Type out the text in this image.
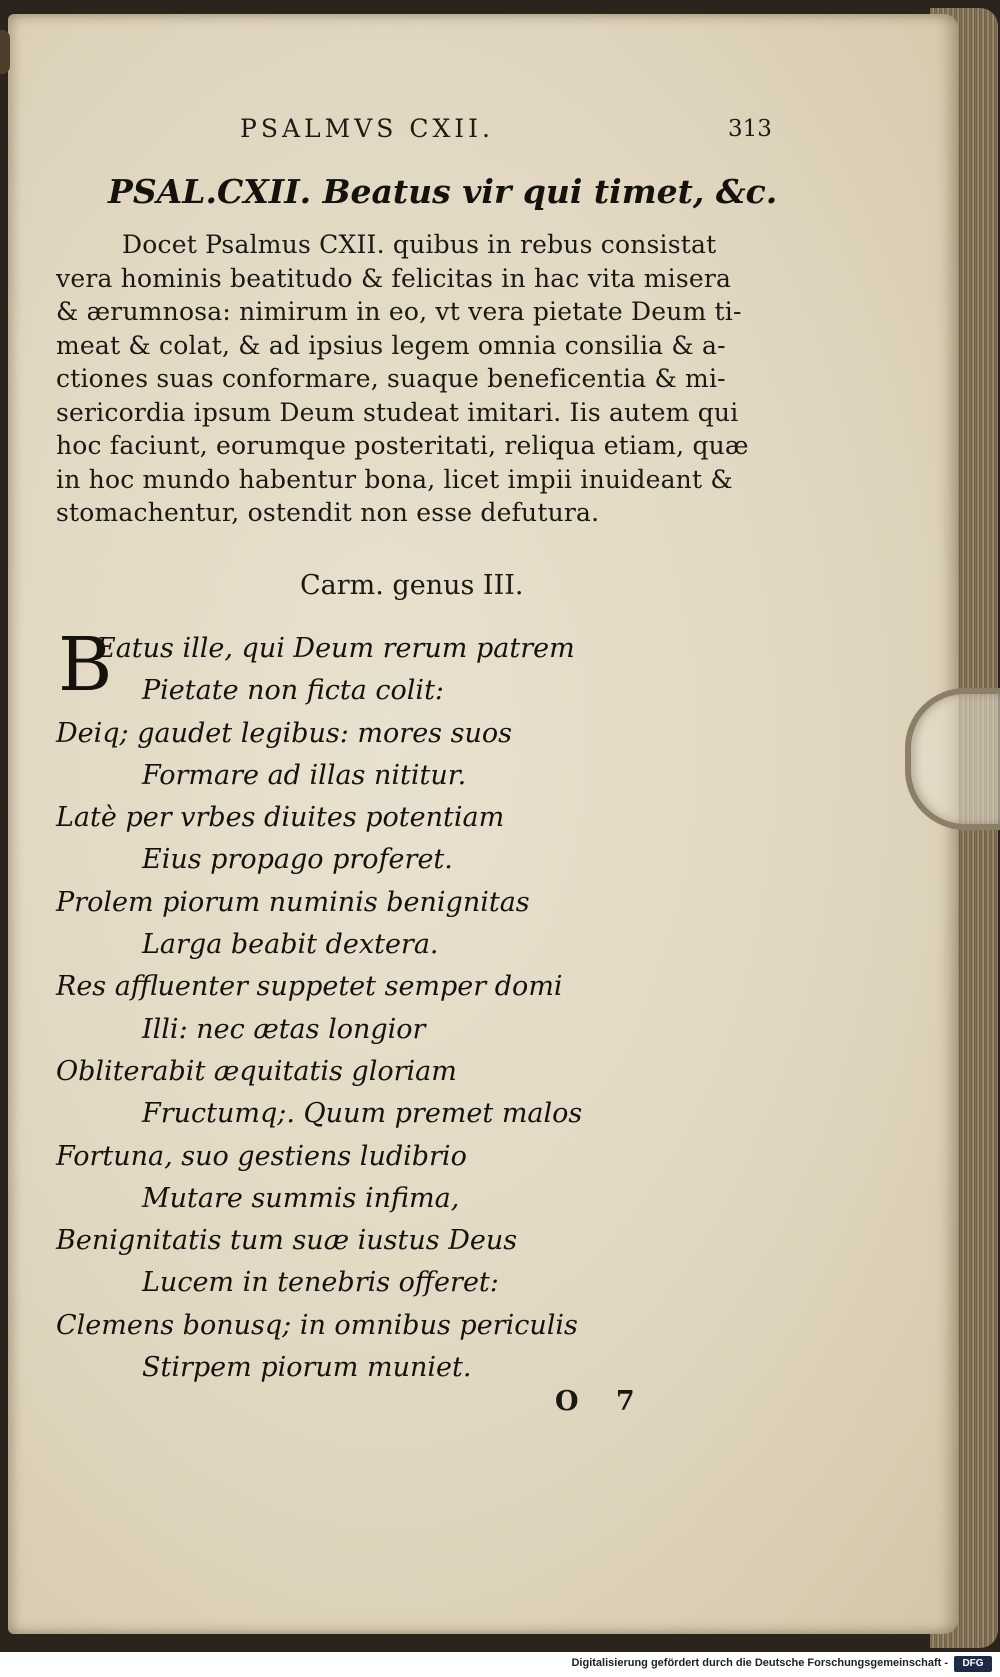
PSALMVS CXII.	313
PSAL.CXII. Beatus vir qui timet, &c.
Docet Psalmus CXII. quibus in rebus consistat
vera hominis beatitudo & felicitas in hac vita misera
& ærumnosa: nimirum in eo, vt vera pietate Deum ti-
meat & colat, & ad ipsius legem omnia consilia & a-
ctiones suas conformare, suaque beneficentia & mi-
sericordia ipsum Deum studeat imitari. Iis autem qui
hoc faciunt, eorumque posteritati, reliqua etiam, quæ
in hoc mundo habentur bona, licet impii inuideant &
stomachentur, ostendit non esse defutura.
Carm. genus III.
B
Eatus ille, qui Deum rerum patrem
Pietate non ficta colit:
Deiq; gaudet legibus: mores suos
Formare ad illas nititur.
Latè per vrbes diuites potentiam
Eius propago proferet.
Prolem piorum numinis benignitas
Larga beabit dextera.
Res affluenter suppetet semper domi
Illi: nec ætas longior
Obliterabit æquitatis gloriam
Fructumq;. Quum premet malos
Fortuna, suo gestiens ludibrio
Mutare summis infima,
Benignitatis tum suæ iustus Deus
Lucem in tenebris offeret:
Clemens bonusq; in omnibus periculis
Stirpem piorum muniet.
O 7
Digitalisierung gefördert durch die Deutsche Forschungsgemeinschaft -	DFG
